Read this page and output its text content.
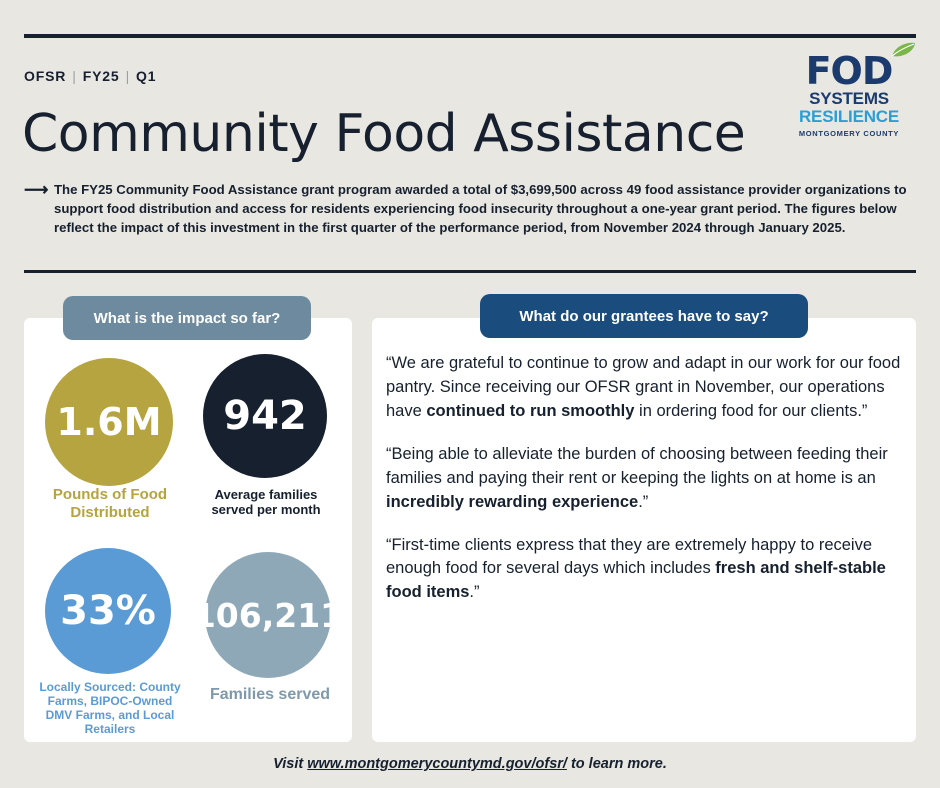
OFSR | FY25 | Q1
Community Food Assistance
⟶ The FY25 Community Food Assistance grant program awarded a total of $3,699,500 across 49 food assistance provider organizations to support food distribution and access for residents experiencing food insecurity throughout a one-year grant period. The figures below reflect the impact of this investment in the first quarter of the performance period, from November 2024 through January 2025.
FOD
SYSTEMS
RESILIENCE
MONTGOMERY COUNTY
What is the impact so far?	What do our grantees have to say?
1.6M
Pounds of Food Distributed
942
Average families served per month
33%
Locally Sourced: County Farms, BIPOC-Owned DMV Farms, and Local Retailers
106,211
Families served

“We are grateful to continue to grow and adapt in our work for our food pantry. Since receiving our OFSR grant in November, our operations have continued to run smoothly in ordering food for our clients.”

“Being able to alleviate the burden of choosing between feeding their families and paying their rent or keeping the lights on at home is an incredibly rewarding experience.”

“First-time clients express that they are extremely happy to receive enough food for several days which includes fresh and shelf-stable food items.”

Visit www.montgomerycountymd.gov/ofsr/ to learn more.
